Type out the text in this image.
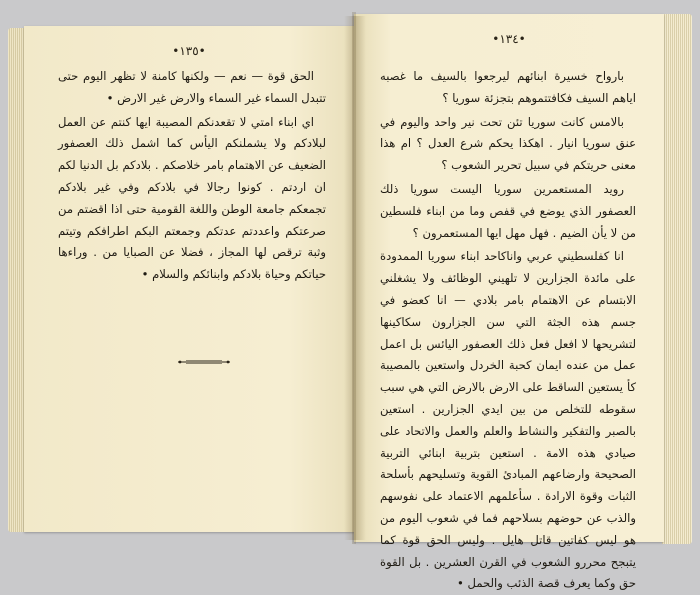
•١٣٥•

الحق قوة — نعم — ولكنها كامنة لا تظهر اليوم حتى تتبدل السماء غير السماء والارض غير الارض •

اي ابناء امتي لا تقعدنكم المصيبة ايها كنتم عن العمل لبلادكم ولا يشملنكم اليأس كما اشمل ذلك العصفور الضعيف عن الاهتمام بامر خلاصكم . بلادكم بل الدنيا لكم ان اردتم . كونوا رجالا في بلادكم وفي غير بلادكم تجمعكم جامعة الوطن واللغة القومية حتى اذا اقضتم من صرعتكم واعددتم عدتكم وجمعتم البكم اطرافكم وتيتم وثبة ترقص لها المجاز ، فضلا عن الصبايا من . وراءها حياتكم وحياة بلادكم وابنائكم والسلام •

•١٣٤•

بارواح خسيرة ابنائهم ليرجعوا بالسيف ما غصبه اياهم السيف فكافتتموهم بتجزئة سوريا ؟

بالامس كانت سوريا تئن تحت نير واحد واليوم في عنق سوريا انيار . اهكذا يحكم شرع العدل ؟ ام هذا معنى حريتكم في سبيل تحرير الشعوب ؟

رويد المستعمرين سوريا اليست سوريا ذلك العصفور الذي يوضع في قفص وما من ابناء فلسطين من لا يأن الضيم . فهل مهل ايها المستعمرون ؟

انا كفلسطيني عربي واناكاحد ابناء سوريا الممدودة على مائدة الجزارين لا تلهيني الوظائف ولا يشغلني الابتسام عن الاهتمام بامر بلادي — انا كعضو في جسم هذه الجثة التي سن الجزارون سكاكينها لتشريحها لا افعل فعل ذلك العصفور اليائس بل اعمل عمل من عنده ايمان كحبة الخردل واستعين بالمصيبة كأ يستعين الساقط على الارض بالارض التي هي سبب سقوطه للتخلص من بين ايدي الجزارين . استعين بالصبر والتفكير والنشاط والعلم والعمل والاتحاد على صيادي هذه الامة . استعين بتربية ابنائي التربية الصحيحة وارضاعهم المبادئ القوية وتسليحهم بأسلحة الثبات وقوة الارادة . سأعلمهم الاعتماد على نفوسهم والذب عن حوضهم بسلاحهم فما في شعوب اليوم من هو ليس كفاتين قاتل هايل . وليس الحق قوة كما يتبجح محررو الشعوب في القرن العشرين . بل القوة حق وكما يعرف قصة الذئب والحمل •
